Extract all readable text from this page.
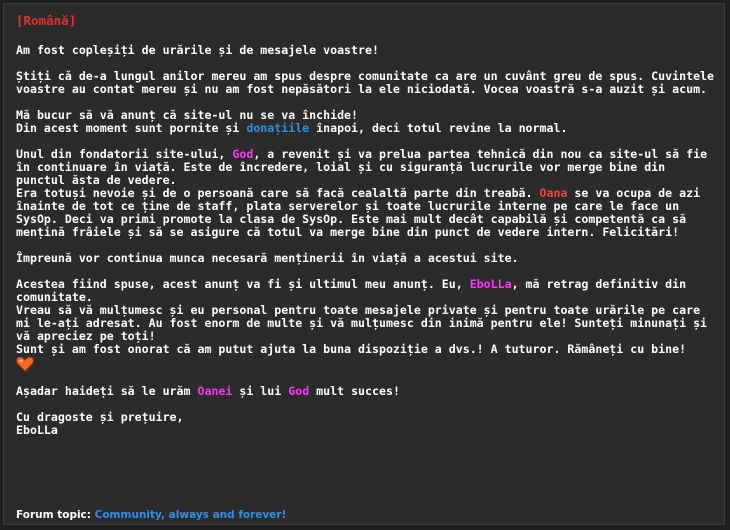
[Română]
Am fost copleșiți de urările și de mesajele voastre!
Știți că de-a lungul anilor mereu am spus despre comunitate ca are un cuvânt greu de spus. Cuvintele voastre au contat mereu și nu am fost nepăsători la ele niciodată. Vocea voastră s-a auzit și acum.
Mă bucur să vă anunț că site-ul nu se va închide!
Din acest moment sunt pornite și donațiile înapoi, deci totul revine la normal.
Unul din fondatorii site-ului, God, a revenit și va prelua partea tehnică din nou ca site-ul să fie în continuare în viață. Este de încredere, loial și cu siguranță lucrurile vor merge bine din punctul ăsta de vedere.
Era totuși nevoie și de o persoană care să facă cealaltă parte din treabă. Oana se va ocupa de azi înainte de tot ce ține de staff, plata serverelor și toate lucrurile interne pe care le face un SysOp. Deci va primi promote la clasa de SysOp. Este mai mult decât capabilă și competentă ca să mențină frâiele și să se asigure că totul va merge bine din punct de vedere intern. Felicitări!
Împreună vor continua munca necesară menținerii în viață a acestui site.
Acestea fiind spuse, acest anunț va fi și ultimul meu anunț. Eu, EboLLa, mă retrag definitiv din comunitate.
Vreau să vă mulțumesc și eu personal pentru toate mesajele private și pentru toate urările pe care mi le-ați adresat. Au fost enorm de multe și vă mulțumesc din inimă pentru ele! Sunteți minunați și vă apreciez pe toți!
Sunt și am fost onorat că am putut ajuta la buna dispoziție a dvs.! A tuturor. Rămâneți cu bine!

Așadar haideți să le urăm Oanei și lui God mult succes!
Cu dragoste și prețuire,
EboLLa
Forum topic: Community, always and forever!
